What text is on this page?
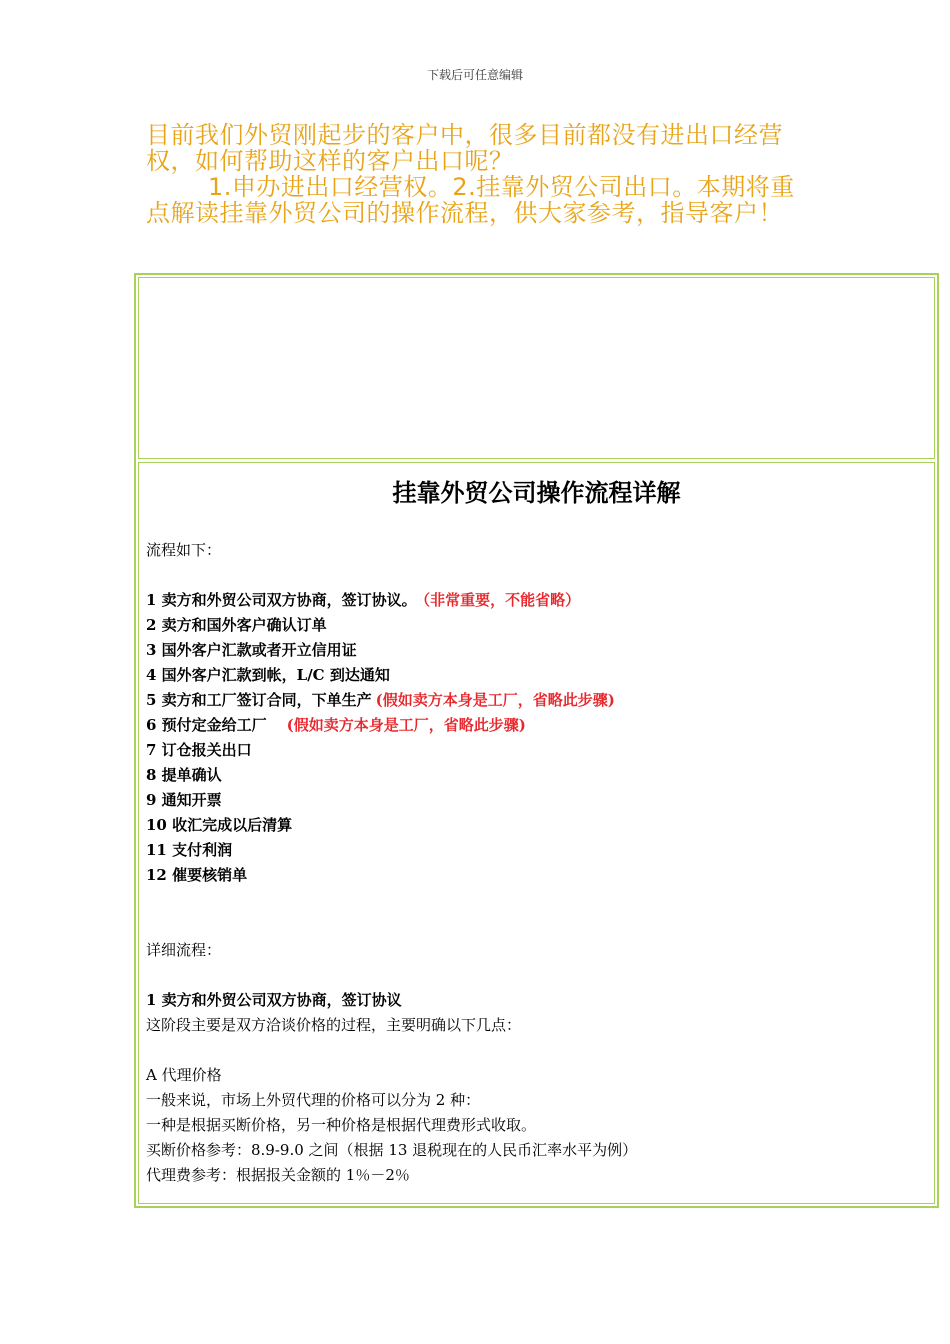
下载后可任意编辑

目前我们外贸刚起步的客户中，很多目前都没有进出口经营权，如何帮助这样的客户出口呢？

1.申办进出口经营权。2.挂靠外贸公司出口。本期将重点解读挂靠外贸公司的操作流程，供大家参考，指导客户！

挂靠外贸公司操作流程详解
流程如下：
1 卖方和外贸公司双方协商，签订协议。 （非常重要，不能省略）
2 卖方和国外客户确认订单
3 国外客户汇款或者开立信用证
4 国外客户汇款到帐，L/C 到达通知
5 卖方和工厂签订合同，下单生产 (假如卖方本身是工厂，省略此步骤)
6 预付定金给工厂 (假如卖方本身是工厂，省略此步骤)
7 订仓报关出口
8 提单确认
9 通知开票
10 收汇完成以后清算
11 支付利润
12 催要核销单
详细流程：
1 卖方和外贸公司双方协商，签订协议
这阶段主要是双方洽谈价格的过程，主要明确以下几点：
A 代理价格
一般来说，市场上外贸代理的价格可以分为 2 种：
一种是根据买断价格，另一种价格是根据代理费形式收取。
买断价格参考：8.9-9.0 之间（根据 13 退税现在的人民币汇率水平为例）
代理费参考：根据报关金额的 1％－2％
